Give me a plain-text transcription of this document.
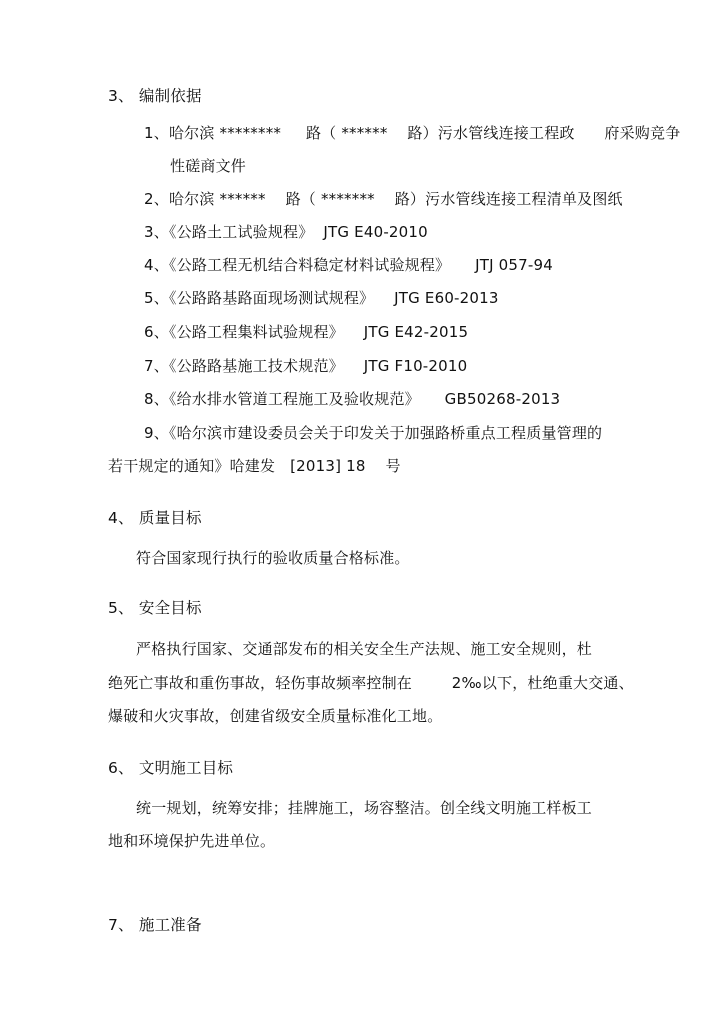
3、 编制依据
1、哈尔滨 ********     路（ ******    路）污水管线连接工程政      府采购竞争
性磋商文件
2、哈尔滨 ******    路（ *******    路）污水管线连接工程清单及图纸
3、《公路土工试验规程》  JTG E40-2010
4、《公路工程无机结合料稳定材料试验规程》     JTJ 057-94
5、《公路路基路面现场测试规程》    JTG E60-2013
6、《公路工程集料试验规程》    JTG E42-2015
7、《公路路基施工技术规范》    JTG F10-2010
8、《给水排水管道工程施工及验收规范》     GB50268-2013
9、《哈尔滨市建设委员会关于印发关于加强路桥重点工程质量管理的
若干规定的通知》哈建发   [2013] 18    号
4、 质量目标
符合国家现行执行的验收质量合格标准。
5、 安全目标
严格执行国家、交通部发布的相关安全生产法规、施工安全规则，杜
绝死亡事故和重伤事故，轻伤事故频率控制在        2‰以下，杜绝重大交通、
爆破和火灾事故，创建省级安全质量标准化工地。
6、 文明施工目标
统一规划，统筹安排；挂牌施工，场容整洁。创全线文明施工样板工
地和环境保护先进单位。
7、 施工准备
